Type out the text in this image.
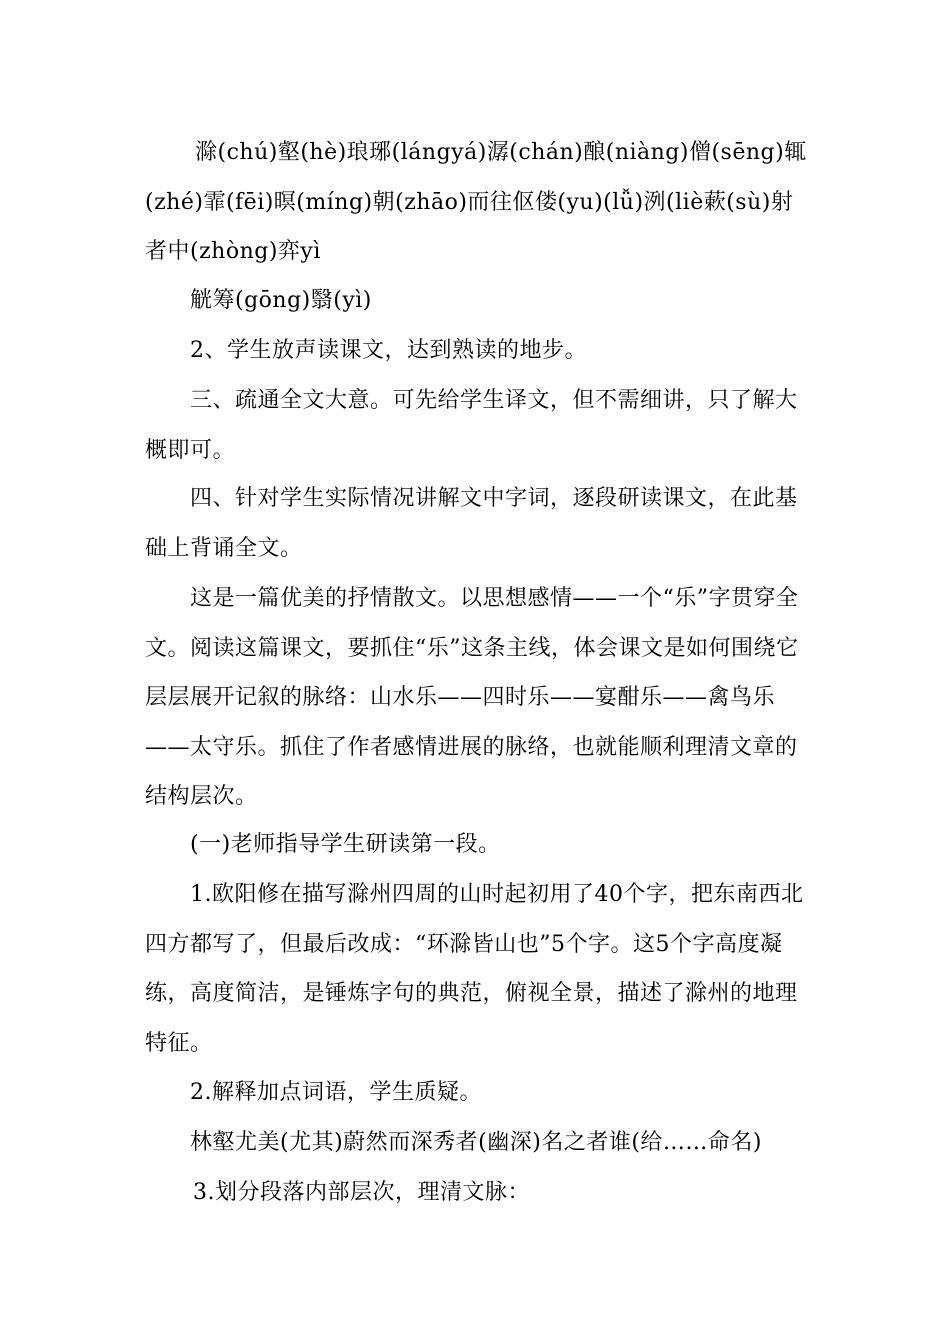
滁(chú)壑(hè)琅琊(lángyá)潺(chán)酿(niàng)僧(sēng)辄(zhé)霏(fēi)暝(míng)朝(zhāo)而往伛偻(yu)(lǚ)洌(liè蔌(sù)射者中(zhòng)弈yì

觥筹(gōng)翳(yì)

2、学生放声读课文，达到熟读的地步。

三、疏通全文大意。可先给学生译文，但不需细讲，只了解大概即可。

四、针对学生实际情况讲解文中字词，逐段研读课文，在此基础上背诵全文。

这是一篇优美的抒情散文。以思想感情——一个“乐”字贯穿全文。阅读这篇课文，要抓住“乐”这条主线，体会课文是如何围绕它层层展开记叙的脉络：山水乐——四时乐——宴酣乐——禽鸟乐——太守乐。抓住了作者感情进展的脉络，也就能顺利理清文章的结构层次。

(一)老师指导学生研读第一段。

1.欧阳修在描写滁州四周的山时起初用了40个字，把东南西北四方都写了，但最后改成：“环滁皆山也”5个字。这5个字高度凝练，高度简洁，是锤炼字句的典范，俯视全景，描述了滁州的地理特征。

2.解释加点词语，学生质疑。

林壑尤美(尤其)蔚然而深秀者(幽深)名之者谁(给……命名)

3.划分段落内部层次，理清文脉：
